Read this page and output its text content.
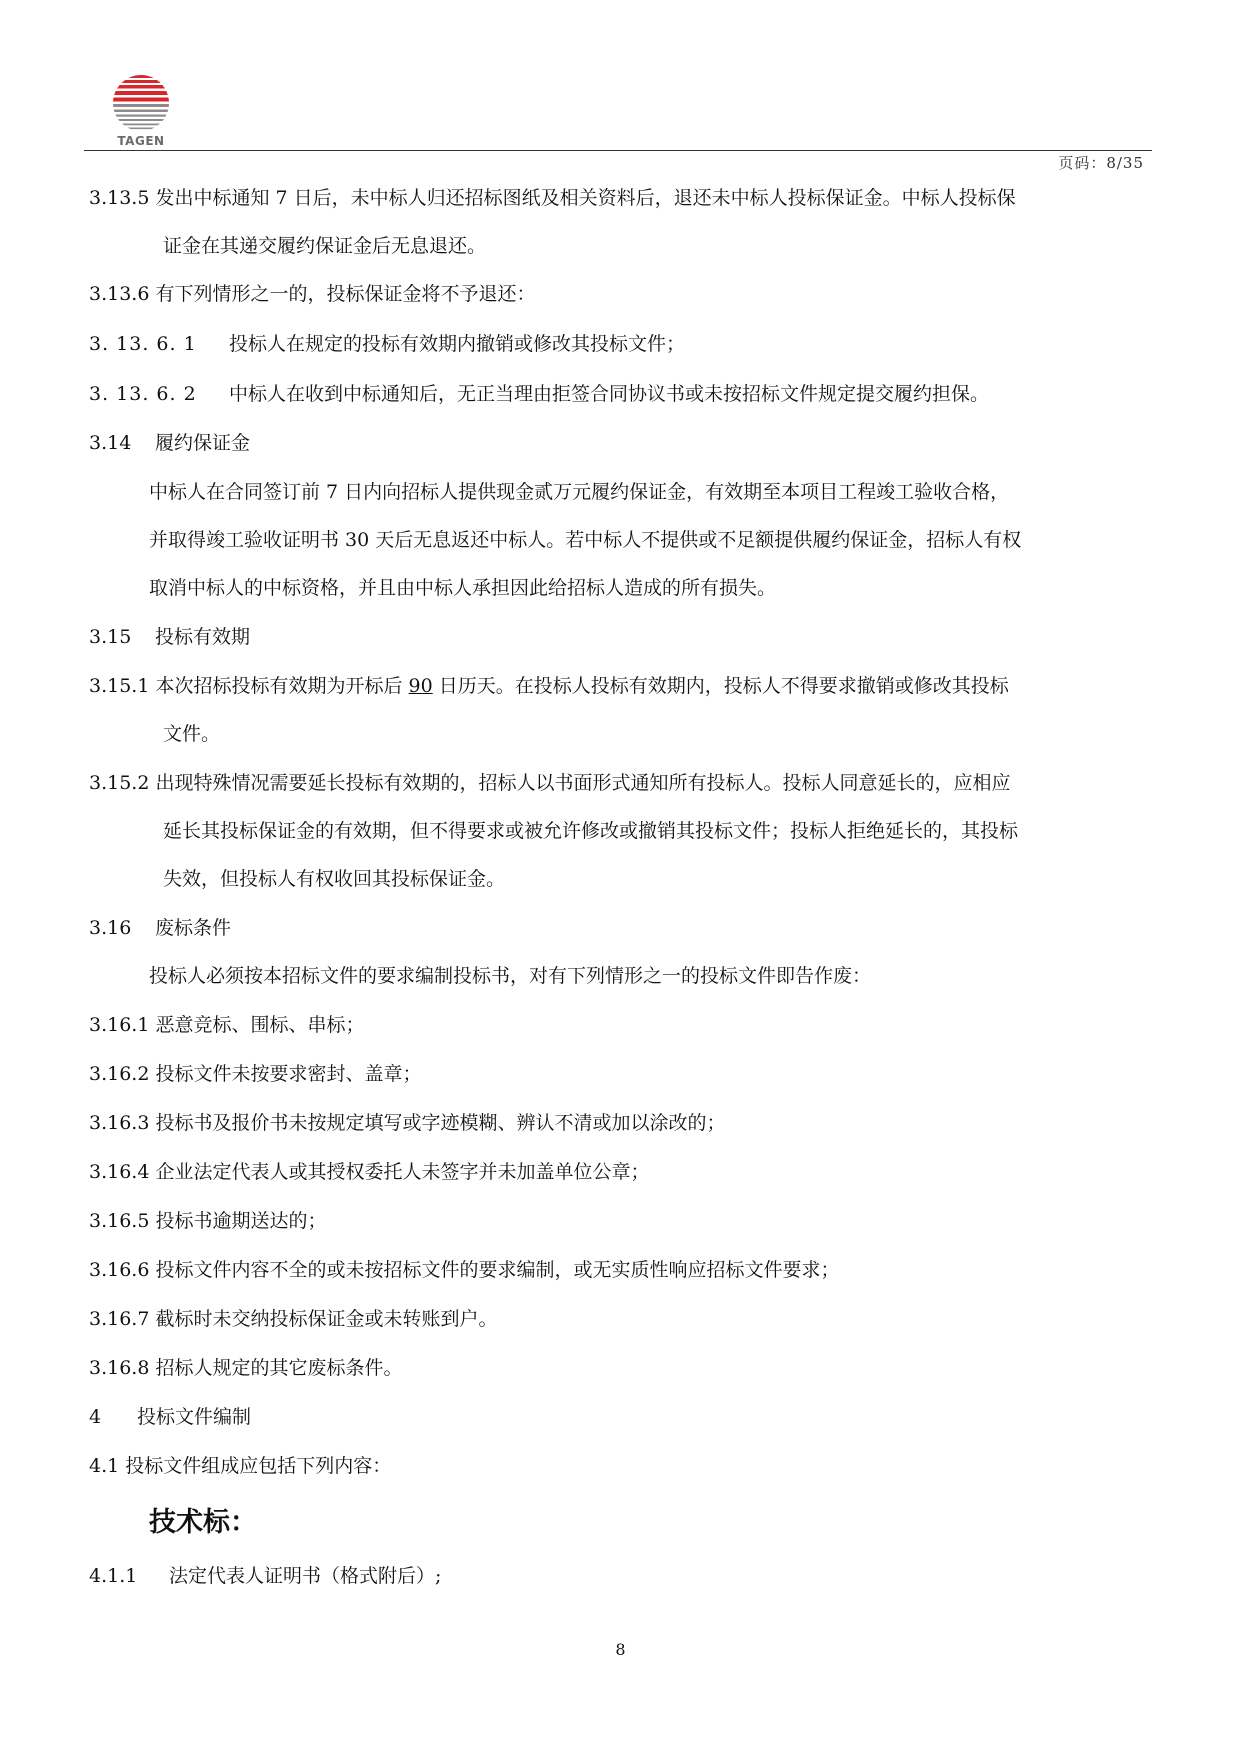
TAGEN
页码：8/35
3.13.5 发出中标通知 7 日后，未中标人归还招标图纸及相关资料后，退还未中标人投标保证金。中标人投标保
证金在其递交履约保证金后无息退还。
3.13.6 有下列情形之一的，投标保证金将不予退还：
3. 13. 6. 1 投标人在规定的投标有效期内撤销或修改其投标文件；
3. 13. 6. 2 中标人在收到中标通知后，无正当理由拒签合同协议书或未按招标文件规定提交履约担保。
3.14 履约保证金
中标人在合同签订前 7 日内向招标人提供现金贰万元履约保证金，有效期至本项目工程竣工验收合格，
并取得竣工验收证明书 30 天后无息返还中标人。若中标人不提供或不足额提供履约保证金，招标人有权
取消中标人的中标资格，并且由中标人承担因此给招标人造成的所有损失。
3.15 投标有效期
3.15.1 本次招标投标有效期为开标后 90 日历天。在投标人投标有效期内，投标人不得要求撤销或修改其投标
文件。
3.15.2 出现特殊情况需要延长投标有效期的，招标人以书面形式通知所有投标人。投标人同意延长的，应相应
延长其投标保证金的有效期，但不得要求或被允许修改或撤销其投标文件；投标人拒绝延长的，其投标
失效，但投标人有权收回其投标保证金。
3.16 废标条件
投标人必须按本招标文件的要求编制投标书，对有下列情形之一的投标文件即告作废：
3.16.1 恶意竞标、围标、串标；
3.16.2 投标文件未按要求密封、盖章；
3.16.3 投标书及报价书未按规定填写或字迹模糊、辨认不清或加以涂改的；
3.16.4 企业法定代表人或其授权委托人未签字并未加盖单位公章；
3.16.5 投标书逾期送达的；
3.16.6 投标文件内容不全的或未按招标文件的要求编制，或无实质性响应招标文件要求；
3.16.7 截标时未交纳投标保证金或未转账到户。
3.16.8 招标人规定的其它废标条件。
4 投标文件编制
4.1 投标文件组成应包括下列内容：
技术标：
4.1.1 法定代表人证明书（格式附后）;
8
